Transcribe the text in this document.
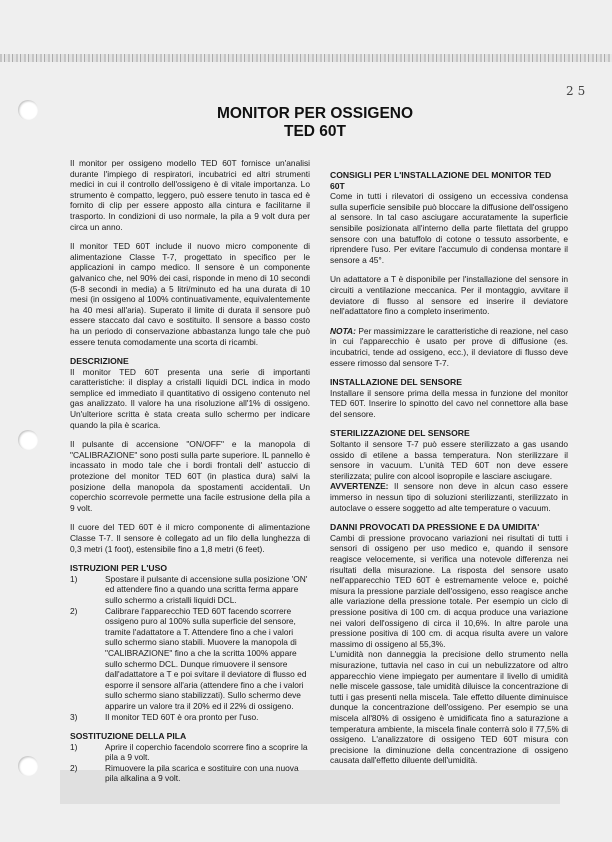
25
MONITOR PER OSSIGENO
TED 60T

Il monitor per ossigeno modello TED 60T fornisce un'analisi durante l'impiego di respiratori, incubatrici ed altri strumenti medici in cui il controllo dell'ossigeno è di vitale importanza. Lo strumento è compatto, leggero, può essere tenuto in tasca ed è fornito di clip per essere apposto alla cintura e facilitarne il trasporto. In condizioni di uso normale, la pila a 9 volt dura per circa un anno.

Il monitor TED 60T include il nuovo micro componente di alimentazione Classe T-7, progettato in specifico per le applicazioni in campo medico. Il sensore è un componente galvanico che, nel 90% dei casi, risponde in meno di 10 secondi (5-8 secondi in media) a 5 litri/minuto ed ha una durata di 10 mesi (in ossigeno al 100% continuativamente, equivalentemente ha 40 mesi all'aria). Superato il limite di durata il sensore può essere staccato dal cavo e sostituito. Il sensore a basso costo ha un periodo di conservazione abbastanza lungo tale che può essere tenuta comodamente una scorta di ricambi.

DESCRIZIONE

Il monitor TED 60T presenta una serie di importanti caratteristiche: il display a cristalli liquidi DCL indica in modo semplice ed immediato il quantitativo di ossigeno contenuto nel gas analizzato. Il valore ha una risoluzione all'1% di ossigeno. Un'ulteriore scritta è stata creata sullo schermo per indicare quando la pila è scarica.

Il pulsante di accensione "ON/OFF" e la manopola di "CALIBRAZIONE" sono posti sulla parte superiore. IL pannello è incassato in modo tale che i bordi frontali dell' astuccio di protezione del monitor TED 60T (in plastica dura) salvi la posizione della manopola da spostamenti accidentali. Un coperchio scorrevole permette una facile estrusione della pila a 9 volt.

Il cuore del TED 60T è il micro componente di alimentazione Classe T-7. Il sensore è collegato ad un filo della lunghezza di 0,3 metri (1 foot), estensibile fino a 1,8 metri (6 feet).

ISTRUZIONI PER L'USO
1)	Spostare il pulsante di accensione sulla posizione 'ON' ed attendere fino a quando una scritta ferma appare sullo schermo a cristalli liquidi DCL.
2)	Calibrare l'apparecchio TED 60T facendo scorrere ossigeno puro al 100% sulla superficie del sensore, tramite l'adattatore a T. Attendere fino a che i valori sullo schermo siano stabili. Muovere la manopola di "CALIBRAZIONE" fino a che la scritta 100% appare sullo schermo DCL. Dunque rimuovere il sensore dall'adattatore a T e poi svitare il deviatore di flusso ed esporre il sensore all'aria (attendere fino a che i valori sullo schermo siano stabilizzati). Sullo schermo deve apparire un valore tra il 20% ed il 22% di ossigeno.
3)	Il monitor TED 60T è ora pronto per l'uso.
SOSTITUZIONE DELLA PILA
1)	Aprire il coperchio facendolo scorrere fino a scoprire la pila a 9 volt.
2)	Rimuovere la pila scarica e sostituire con una nuova pila alkalina a 9 volt.
CONSIGLI PER L'INSTALLAZIONE DEL MONITOR TED 60T

Come in tutti i rilevatori di ossigeno un eccessiva condensa sulla superficie sensibile può bloccare la diffusione dell'ossigeno al sensore. In tal caso asciugare accuratamente la superficie sensibile posizionata all'interno della parte filettata del gruppo sensore con una batuffolo di cotone o tessuto assorbente, e riprendere l'uso. Per evitare l'accumulo di condensa montare il sensore a 45°.

Un adattatore a T è disponibile per l'installazione del sensore in circuiti a ventilazione meccanica. Per il montaggio, avvitare il deviatore di flusso al sensore ed inserire il deviatore nell'adattatore fino a completo inserimento.

NOTA: Per massimizzare le caratteristiche di reazione, nel caso in cui l'apparecchio è usato per prove di diffusione (es. incubatrici, tende ad ossigeno, ecc.), il deviatore di flusso deve essere rimosso dal sensore T-7.

INSTALLAZIONE DEL SENSORE

Installare il sensore prima della messa in funzione del monitor TED 60T. Inserire lo spinotto del cavo nel connettore alla base del sensore.

STERILIZZAZIONE DEL SENSORE

Soltanto il sensore T-7 può essere sterilizzato a gas usando ossido di etilene a bassa temperatura. Non sterilizzare il sensore in vacuum. L'unità TED 60T non deve essere sterilizzata; pulire con alcool isopropile e lasciare asciugare.

AVVERTENZE: Il sensore non deve in alcun caso essere immerso in nessun tipo di soluzioni sterilizzanti, sterilizzato in autoclave o essere soggetto ad alte temperature o vacuum.

DANNI PROVOCATI DA PRESSIONE E DA UMIDITA'

Cambi di pressione provocano variazioni nei risultati di tutti i sensori di ossigeno per uso medico e, quando il sensore reagisce velocemente, si verifica una notevole differenza nei risultati della misurazione. La risposta del sensore usato nell'apparecchio TED 60T è estremamente veloce e, poiché misura la pressione parziale dell'ossigeno, esso reagisce anche alle variazione della pressione totale. Per esempio un ciclo di pressione positiva di 100 cm. di acqua produce una variazione nei valori dell'ossigeno di circa il 10,6%. In altre parole una pressione positiva di 100 cm. di acqua risulta avere un valore massimo di ossigeno al 55,3%.

L'umidità non danneggia la precisione dello strumento nella misurazione, tuttavia nel caso in cui un nebulizzatore od altro apparecchio viene impiegato per aumentare il livello di umidità nelle miscele gassose, tale umidità diluisce la concentrazione di tutti i gas presenti nella miscela. Tale effetto diluente diminuisce dunque la concentrazione dell'ossigeno. Per esempio se una miscela all'80% di ossigeno è umidificata fino a saturazione a temperatura ambiente, la miscela finale conterrà solo il 77,5% di ossigeno. L'analizzatore di ossigeno TED 60T misura con precisione la diminuzione della concentrazione di ossigeno causata dall'effetto diluente dell'umidità.
